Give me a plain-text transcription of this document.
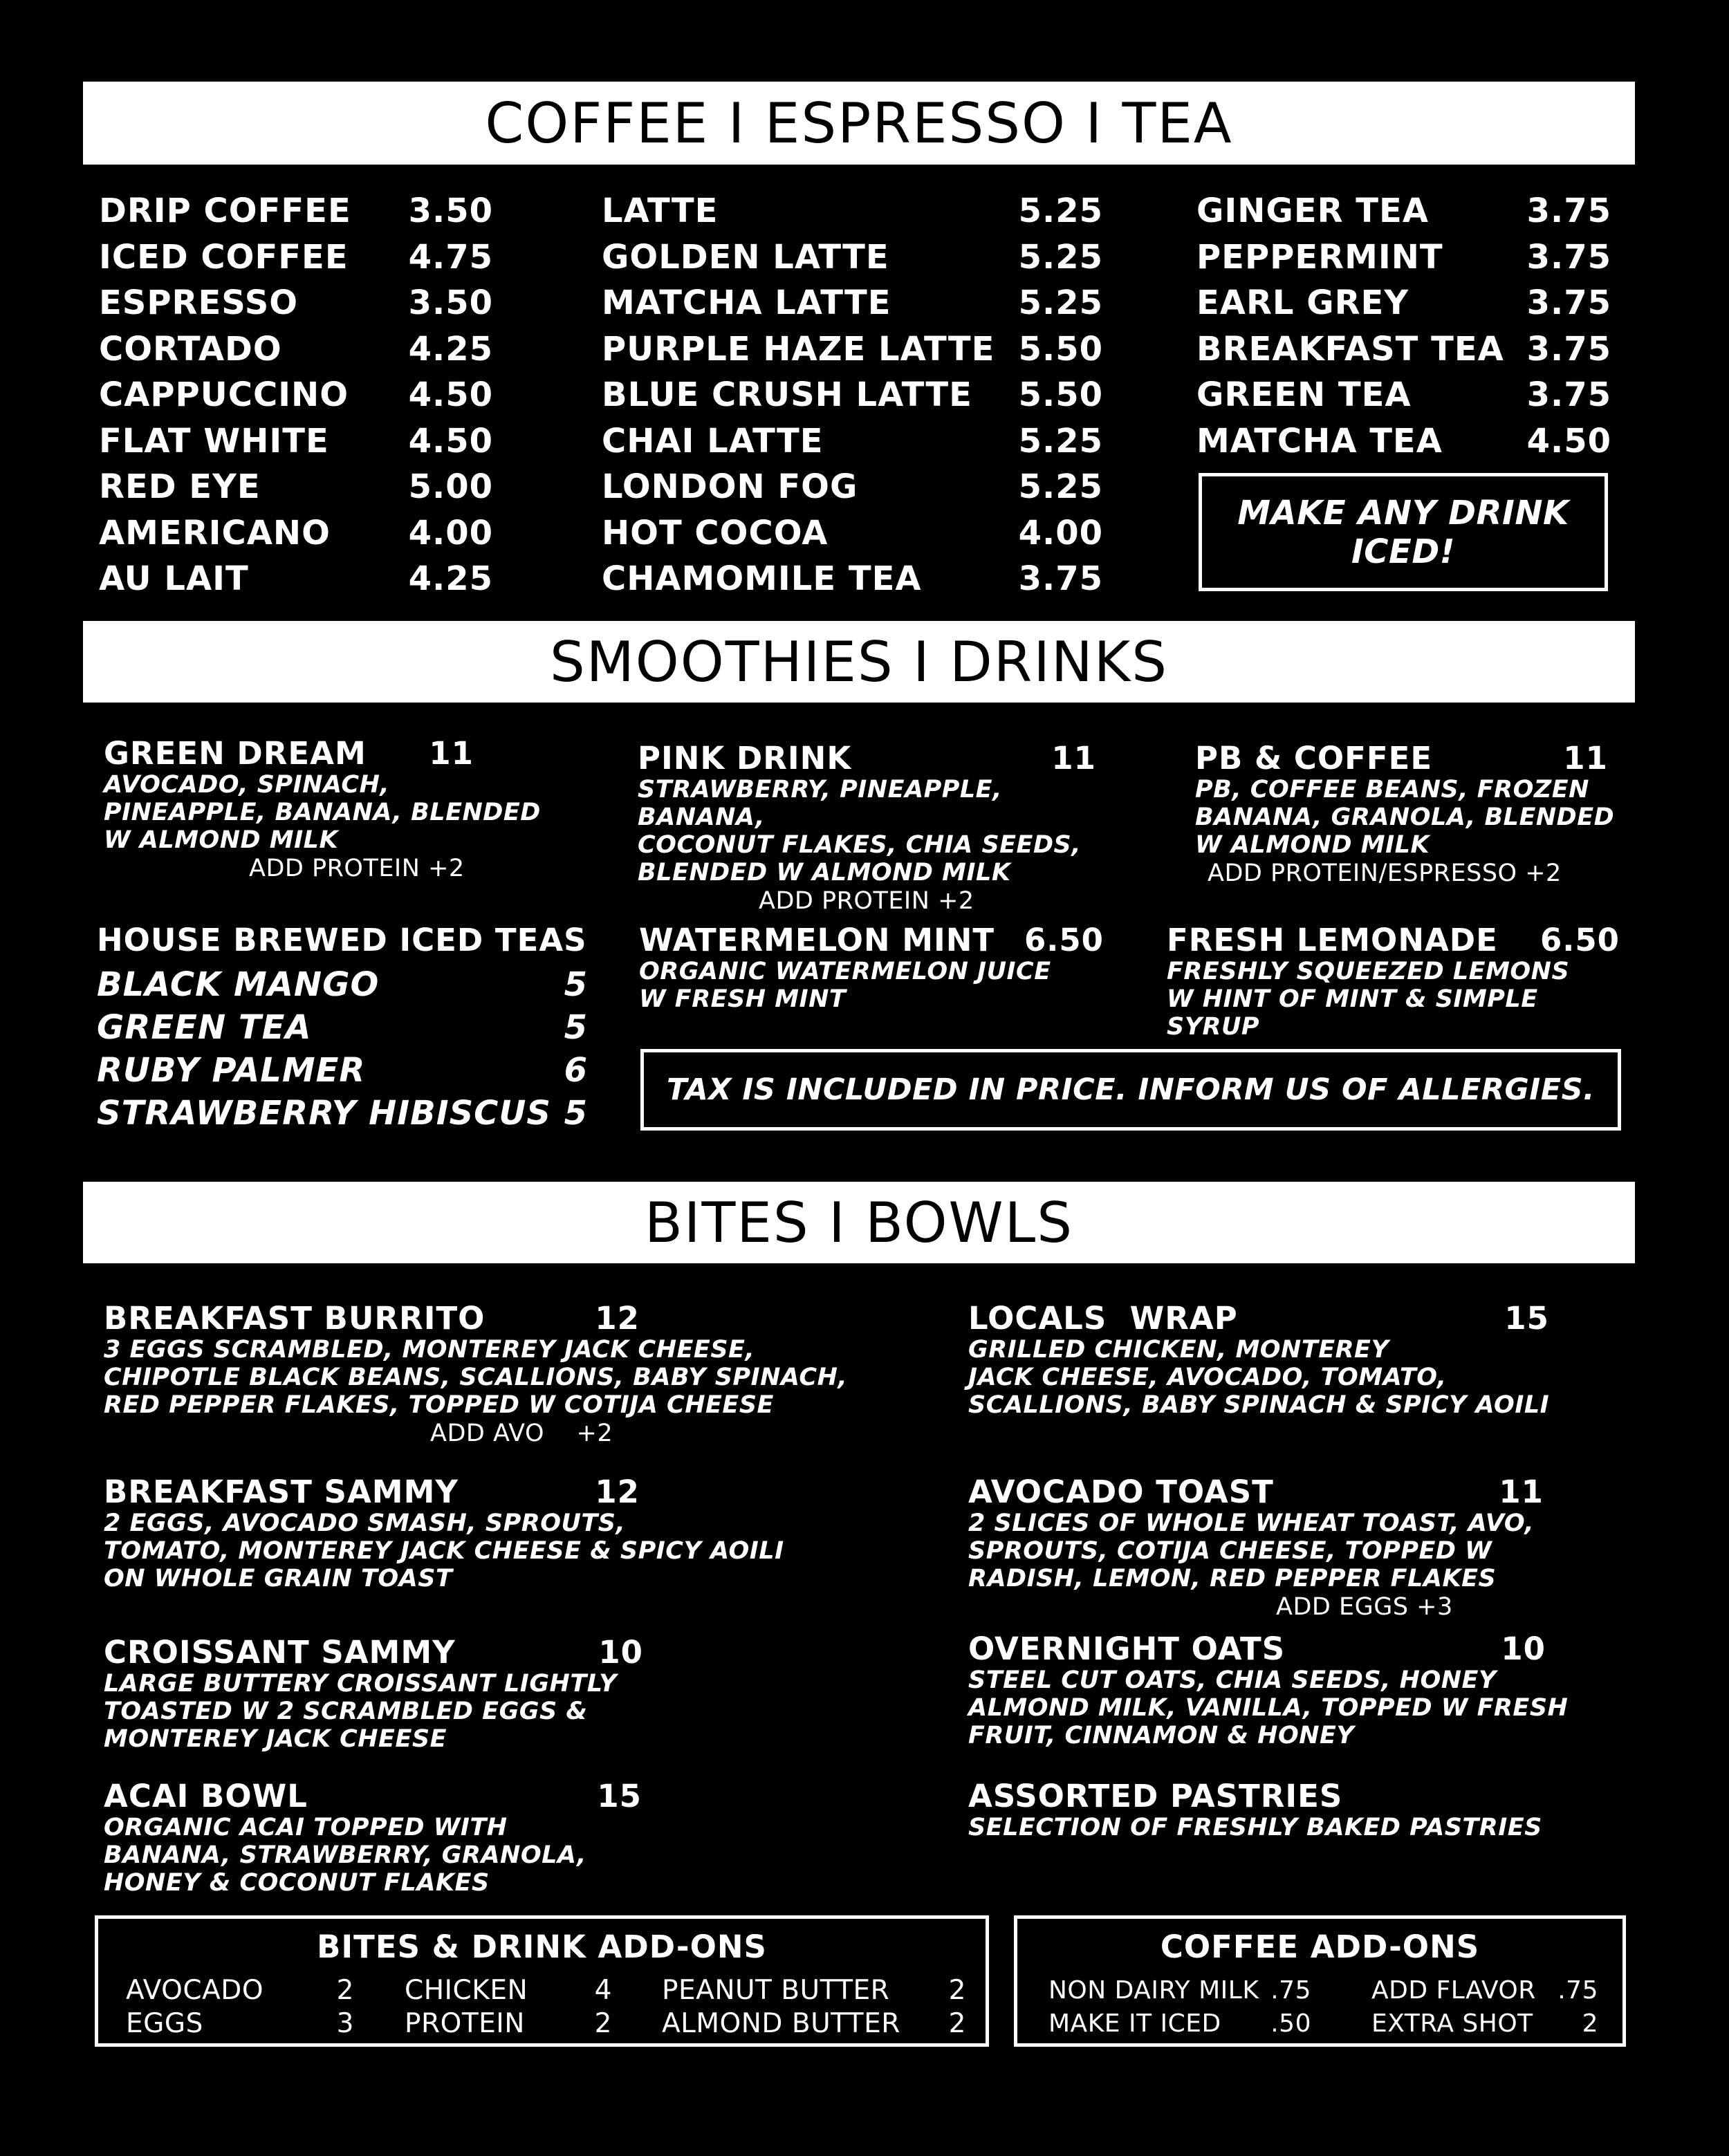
COFFEE I ESPRESSO I TEA
SMOOTHIES I DRINKS
BITES I BOWLS
DRIP COFFEE 3.50
ICED COFFEE 4.75
ESPRESSO	3.50
CORTADO	4.25
CAPPUCCINO 4.50
FLAT WHITE 4.50
RED EYE	5.00
AMERICANO 4.00
AU LAIT	4.25
LATTE	5.25
GOLDEN LATTE	5.25
MATCHA LATTE	5.25
PURPLE HAZE LATTE 5.50
BLUE CRUSH LATTE 5.50
CHAI LATTE	5.25
LONDON FOG	5.25
HOT COCOA	4.00
CHAMOMILE TEA	3.75
GINGER TEA	3.75
PEPPERMINT	3.75
EARL GREY	3.75
BREAKFAST TEA 3.75
GREEN TEA	3.75
MATCHA TEA	4.50
MAKE ANY DRINK
ICED!
GREEN DREAM 11
AVOCADO, SPINACH,
PINEAPPLE, BANANA, BLENDED
W ALMOND MILK
ADD PROTEIN +2
PINK DRINK	11
STRAWBERRY, PINEAPPLE, BANANA,
COCONUT FLAKES, CHIA SEEDS,
BLENDED W ALMOND MILK
ADD PROTEIN +2
PB & COFFEE	11
PB, COFFEE BEANS, FROZEN
BANANA, GRANOLA, BLENDED
W ALMOND MILK
ADD PROTEIN/ESPRESSO +2
HOUSE BREWED ICED TEAS
BLACK MANGO	5
GREEN TEA	5
RUBY PALMER	6
STRAWBERRY HIBISCUS 5
WATERMELON MINT 6.50
ORGANIC WATERMELON JUICE
W FRESH MINT
FRESH LEMONADE 6.50
FRESHLY SQUEEZED LEMONS
W HINT OF MINT & SIMPLE SYRUP
TAX IS INCLUDED IN PRICE. INFORM US OF ALLERGIES.
BREAKFAST BURRITO	12
3 EGGS SCRAMBLED, MONTEREY JACK CHEESE,
CHIPOTLE BLACK BEANS, SCALLIONS, BABY SPINACH,
RED PEPPER FLAKES, TOPPED W COTIJA CHEESE
ADD AVO    +2
BREAKFAST SAMMY	12
2 EGGS, AVOCADO SMASH, SPROUTS,
TOMATO, MONTEREY JACK CHEESE & SPICY AOILI
ON WHOLE GRAIN TOAST
CROISSANT SAMMY	10
LARGE BUTTERY CROISSANT LIGHTLY
TOASTED W 2 SCRAMBLED EGGS &
MONTEREY JACK CHEESE
ACAI BOWL	15
ORGANIC ACAI TOPPED WITH
BANANA, STRAWBERRY, GRANOLA,
HONEY & COCONUT FLAKES
LOCALS  WRAP	15
GRILLED CHICKEN, MONTEREY
JACK CHEESE, AVOCADO, TOMATO,
SCALLIONS, BABY SPINACH & SPICY AOILI
AVOCADO TOAST	11
2 SLICES OF WHOLE WHEAT TOAST, AVO,
SPROUTS, COTIJA CHEESE, TOPPED W
RADISH, LEMON, RED PEPPER FLAKES
ADD EGGS +3
OVERNIGHT OATS	10
STEEL CUT OATS, CHIA SEEDS, HONEY
ALMOND MILK, VANILLA, TOPPED W FRESH
FRUIT, CINNAMON & HONEY
ASSORTED PASTRIES
SELECTION OF FRESHLY BAKED PASTRIES
BITES & DRINK ADD-ONS
AVOCADO	2
EGGS	3
CHICKEN	4
PROTEIN	2
PEANUT BUTTER	2
ALMOND BUTTER	2
COFFEE ADD-ONS
NON DAIRY MILK .75
MAKE IT ICED	.50
ADD FLAVOR .75
EXTRA SHOT	2
